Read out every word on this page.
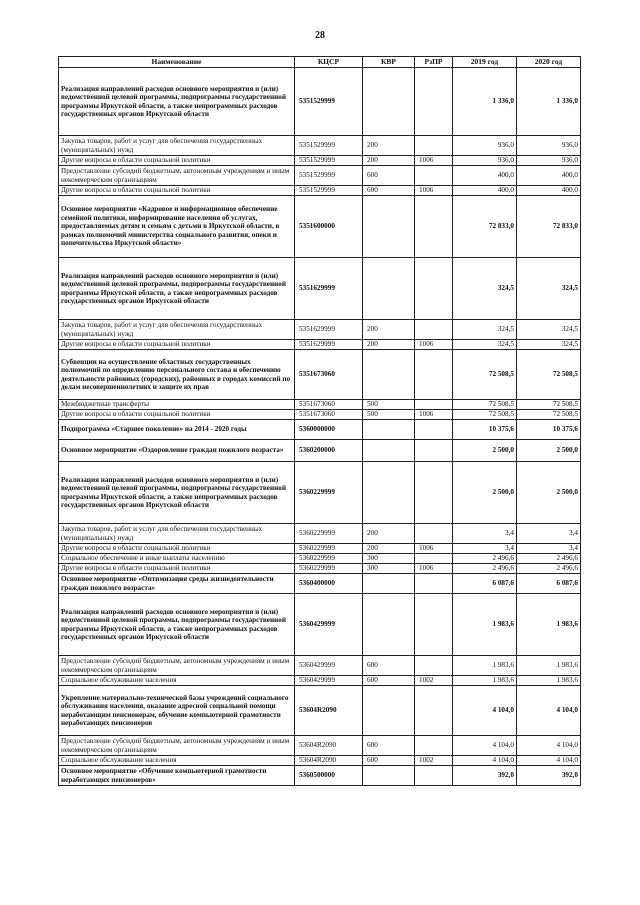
28
Наименование	КЦСР	КВР	РзПР	2019 год	2020 год
Реализация направлений расходов основного мероприятия и (или) ведомственной целевой программы, подпрограммы государственной программы Иркутской области, а также непрограммных расходов государственных органов Иркутской области	5351529999			1 336,0	1 336,0
Закупка товаров, работ и услуг для обеспечения государственных (муниципальных) нужд	5351529999	200		936,0	936,0
Другие вопросы в области социальной политики	5351529999	200	1006	936,0	936,0
Предоставление субсидий бюджетным, автономным учреждениям и иным некоммерческим организациям	5351529999	600		400,0	400,0
Другие вопросы в области социальной политики	5351529999	600	1006	400,0	400,0
Основное мероприятие «Кадровое и информационное обеспечение семейной политики, информирование населения об услугах, предоставляемых детям и семьям с детьми в Иркутской области, в рамках полномочий министерства социального развития, опеки и попечительства Иркутской области»	5351600000			72 833,0	72 833,0
Реализация направлений расходов основного мероприятия и (или) ведомственной целевой программы, подпрограммы государственной программы Иркутской области, а также непрограммных расходов государственных органов Иркутской области	5351629999			324,5	324,5
Закупка товаров, работ и услуг для обеспечения государственных (муниципальных) нужд	5351629999	200		324,5	324,5
Другие вопросы в области социальной политики	5351629999	200	1006	324,5	324,5
Субвенции на осуществление областных государственных полномочий по определению персонального состава и обеспечению деятельности районных (городских), районных в городах комиссий по делам несовершеннолетних и защите их прав	5351673060			72 508,5	72 508,5
Межбюджетные трансферты	5351673060	500		72 508,5	72 508,5
Другие вопросы в области социальной политики	5351673060	500	1006	72 508,5	72 508,5
Подпрограмма «Старшее поколение» на 2014 - 2020 годы	5360000000			10 375,6	10 375,6
Основное мероприятие «Оздоровление граждан пожилого возраста»	5360200000			2 500,0	2 500,0
Реализация направлений расходов основного мероприятия и (или) ведомственной целевой программы, подпрограммы государственной программы Иркутской области, а также непрограммных расходов государственных органов Иркутской области	5360229999			2 500,0	2 500,0
Закупка товаров, работ и услуг для обеспечения государственных (муниципальных) нужд	5360229999	200		3,4	3,4
Другие вопросы в области социальной политики	5360229999	200	1006	3,4	3,4
Социальное обеспечение и иные выплаты населению	5360229999	300		2 496,6	2 496,6
Другие вопросы в области социальной политики	5360229999	300	1006	2 496,6	2 496,6
Основное мероприятие «Оптимизация среды жизнедеятельности граждан пожилого возраста»	5360400000			6 087,6	6 087,6
Реализация направлений расходов основного мероприятия и (или) ведомственной целевой программы, подпрограммы государственной программы Иркутской области, а также непрограммных расходов государственных органов Иркутской области	5360429999			1 983,6	1 983,6
Предоставление субсидий бюджетным, автономным учреждениям и иным некоммерческим организациям	5360429999	600		1 983,6	1 983,6
Социальное обслуживание населения	5360429999	600	1002	1 983,6	1 983,6
Укрепление материально-технической базы учреждений социального обслуживания населения, оказание адресной социальной помощи неработающим пенсионерам, обучение компьютерной грамотности неработающих пенсионеров	53604R2090			4 104,0	4 104,0
Предоставление субсидий бюджетным, автономным учреждениям и иным некоммерческим организациям	53604R2090	600		4 104,0	4 104,0
Социальное обслуживание населения	53604R2090	600	1002	4 104,0	4 104,0
Основное мероприятие «Обучение компьютерной грамотности неработающих пенсионеров»	5360500000			392,0	392,0
